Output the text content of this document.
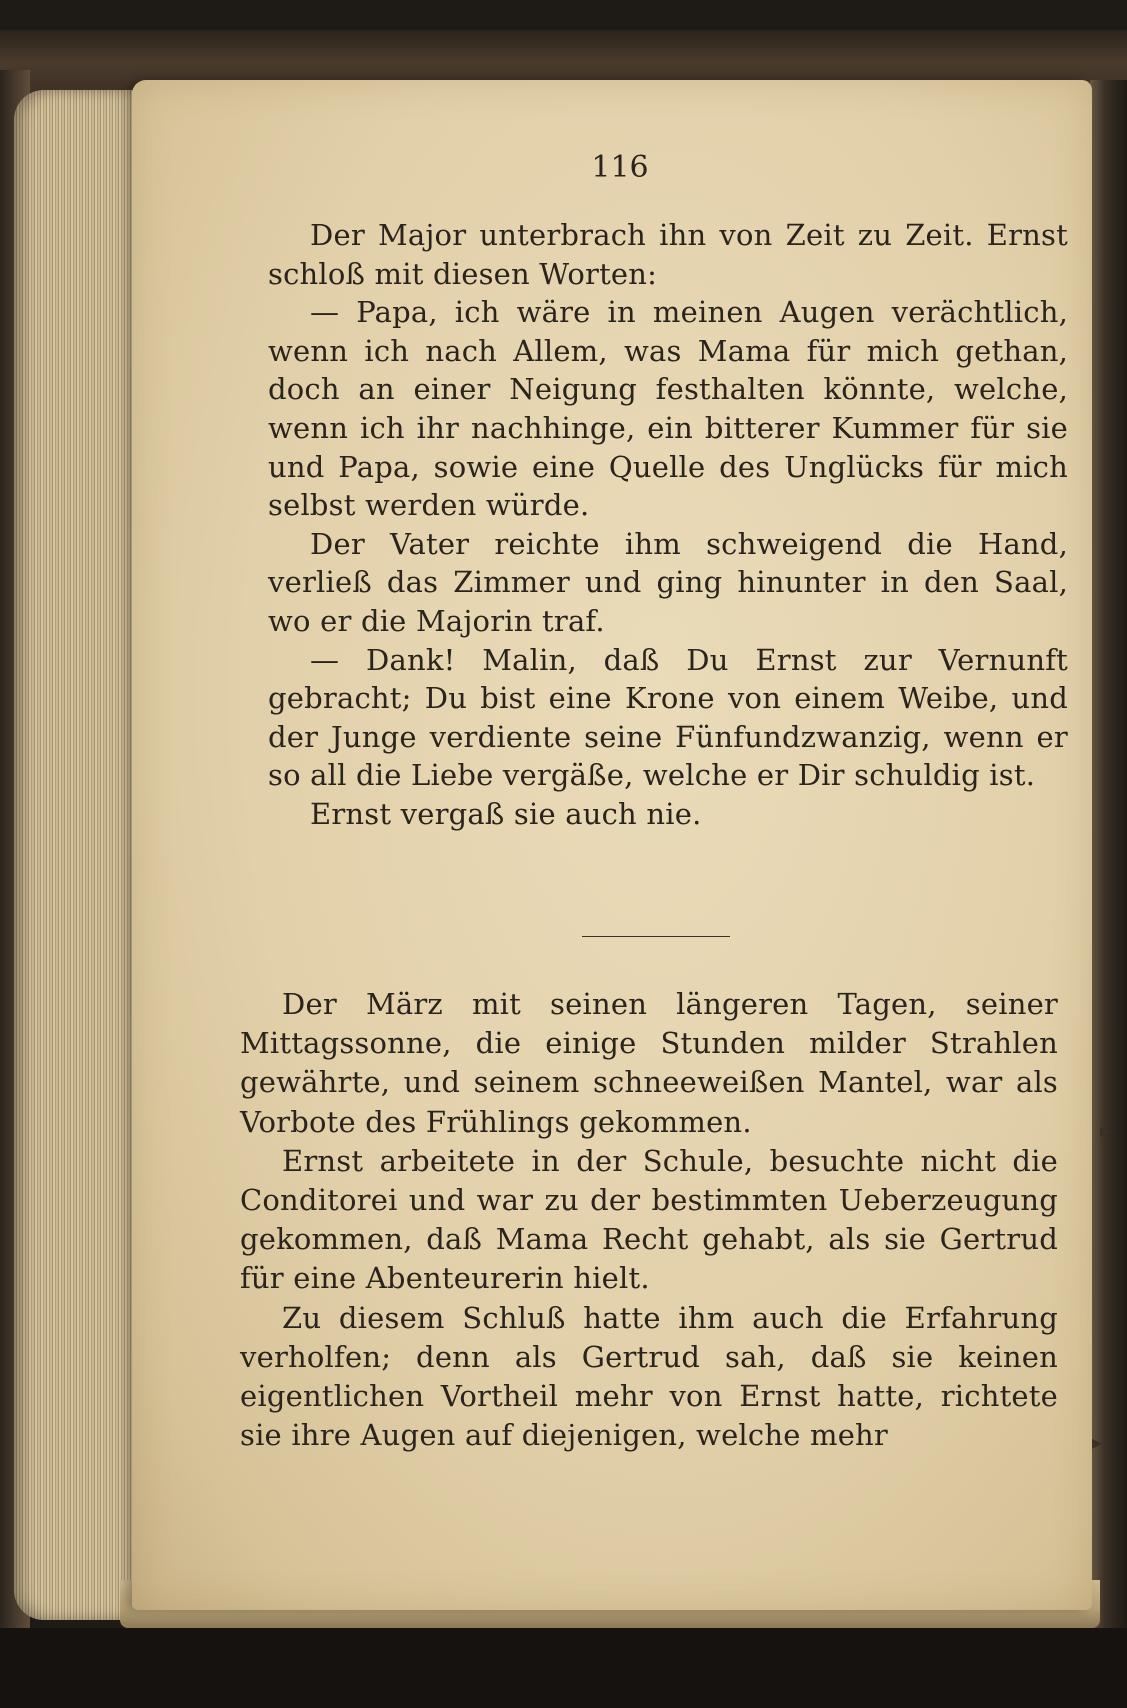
116

Der Major unterbrach ihn von Zeit zu Zeit. Ernst schloß mit diesen Worten:

— Papa, ich wäre in meinen Augen verächtlich, wenn ich nach Allem, was Mama für mich gethan, doch an einer Neigung festhalten könnte, welche, wenn ich ihr nachhinge, ein bitterer Kummer für sie und Papa, sowie eine Quelle des Unglücks für mich selbst werden würde.

Der Vater reichte ihm schweigend die Hand, verließ das Zimmer und ging hinunter in den Saal, wo er die Majorin traf.

— Dank! Malin, daß Du Ernst zur Vernunft gebracht; Du bist eine Krone von einem Weibe, und der Junge verdiente seine Fünfundzwanzig, wenn er so all die Liebe vergäße, welche er Dir schuldig ist.

Ernst vergaß sie auch nie.

Der März mit seinen längeren Tagen, seiner Mittagssonne, die einige Stunden milder Strahlen gewährte, und seinem schneeweißen Mantel, war als Vorbote des Frühlings gekommen.

Ernst arbeitete in der Schule, besuchte nicht die Conditorei und war zu der bestimmten Ueberzeugung gekommen, daß Mama Recht gehabt, als sie Gertrud für eine Abenteurerin hielt.

Zu diesem Schluß hatte ihm auch die Erfahrung verholfen; denn als Gertrud sah, daß sie keinen eigentlichen Vortheil mehr von Ernst hatte, richtete sie ihre Augen auf diejenigen, welche mehr

▸
▸
